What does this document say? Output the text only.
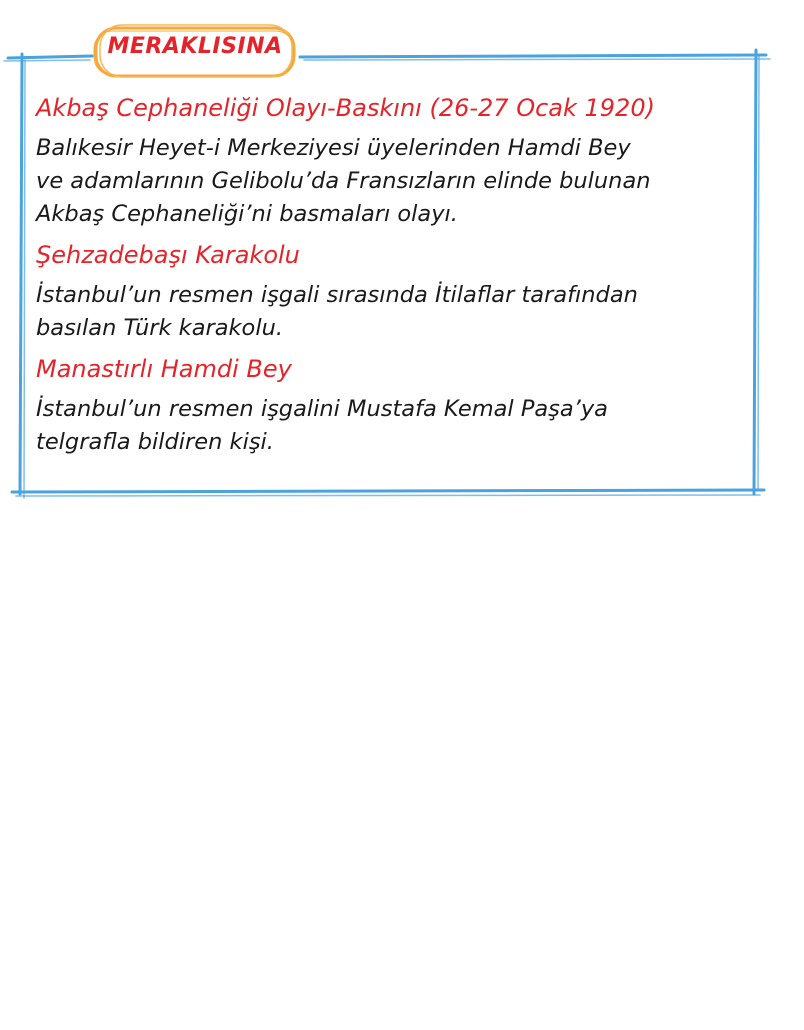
MERAKLISINA

Akbaş Cephaneliği Olayı-Baskını (26-27 Ocak 1920)

Balıkesir Heyet-i Merkeziyesi üyelerinden Hamdi Bey
ve adamlarının Gelibolu’da Fransızların elinde bulunan
Akbaş Cephaneliği’ni basmaları olayı.

Şehzadebaşı Karakolu

İstanbul’un resmen işgali sırasında İtilaflar tarafından
basılan Türk karakolu.

Manastırlı Hamdi Bey

İstanbul’un resmen işgalini Mustafa Kemal Paşa’ya
telgrafla bildiren kişi.
